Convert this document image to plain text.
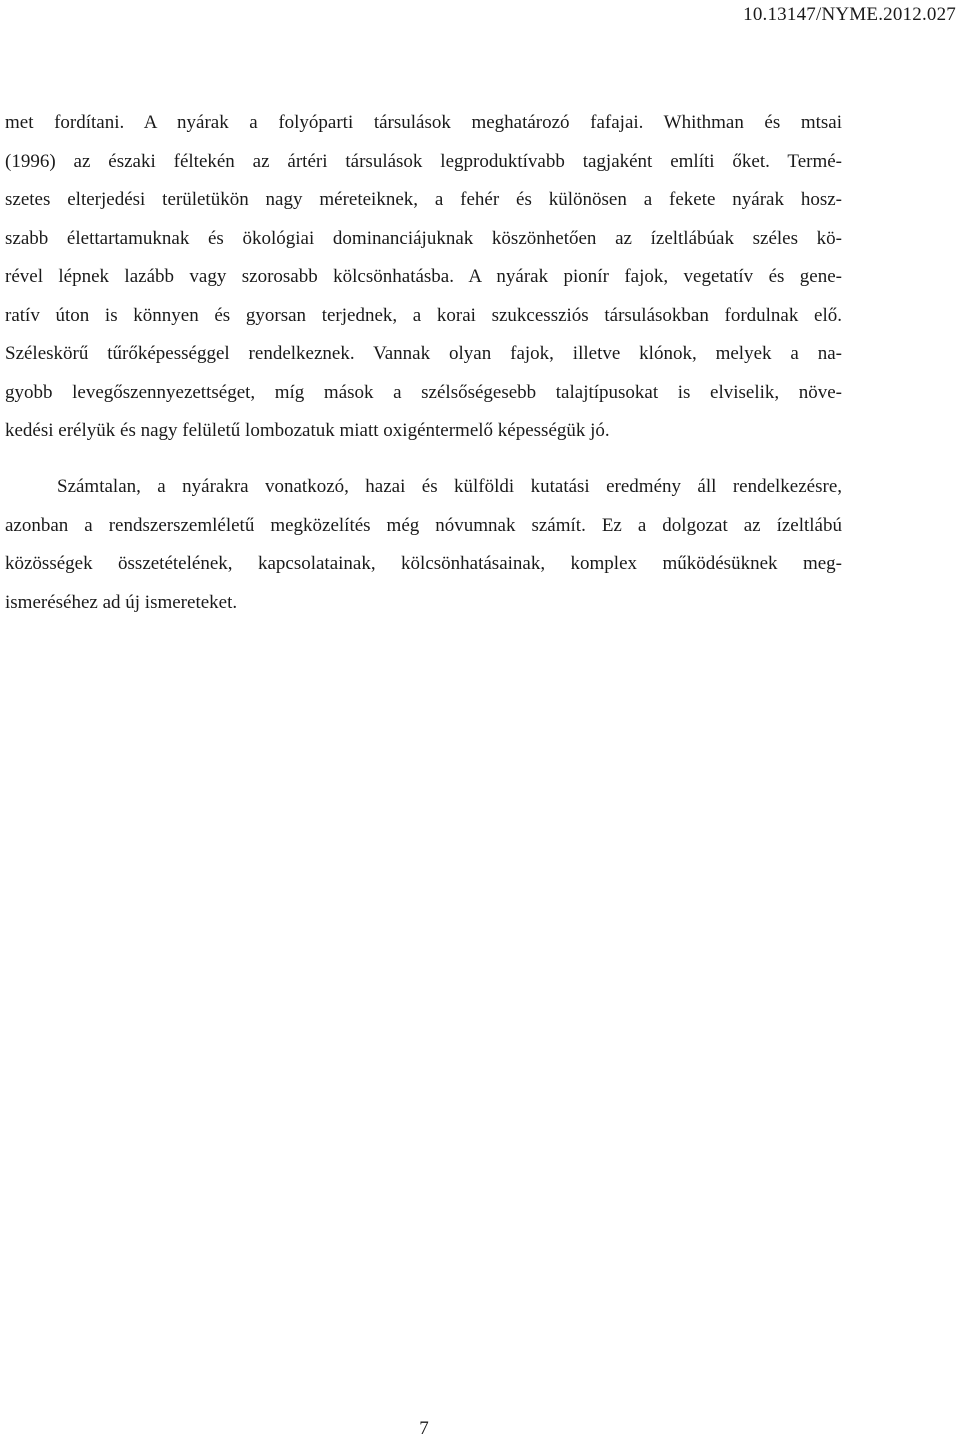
10.13147/NYME.2012.027
met fordítani. A nyárak a folyóparti társulások meghatározó fafajai. Whithman és mtsai
(1996) az északi féltekén az ártéri társulások legproduktívabb tagjaként említi őket. Termé-
szetes elterjedési területükön nagy méreteiknek, a fehér és különösen a fekete nyárak hosz-
szabb élettartamuknak és ökológiai dominanciájuknak köszönhetően az ízeltlábúak széles kö-
rével lépnek lazább vagy szorosabb kölcsönhatásba. A nyárak pionír fajok, vegetatív és gene-
ratív úton is könnyen és gyorsan terjednek, a korai szukcessziós társulásokban fordulnak elő.
Széleskörű tűrőképességgel rendelkeznek. Vannak olyan fajok, illetve klónok, melyek a na-
gyobb levegőszennyezettséget, míg mások a szélsőségesebb talajtípusokat is elviselik, növe-
kedési erélyük és nagy felületű lombozatuk miatt oxigéntermelő képességük jó.
Számtalan, a nyárakra vonatkozó, hazai és külföldi kutatási eredmény áll rendelkezésre,
azonban a rendszerszemléletű megközelítés még nóvumnak számít. Ez a dolgozat az ízeltlábú
közösségek összetételének, kapcsolatainak, kölcsönhatásainak, komplex működésüknek meg-
ismeréséhez ad új ismereteket.
7
